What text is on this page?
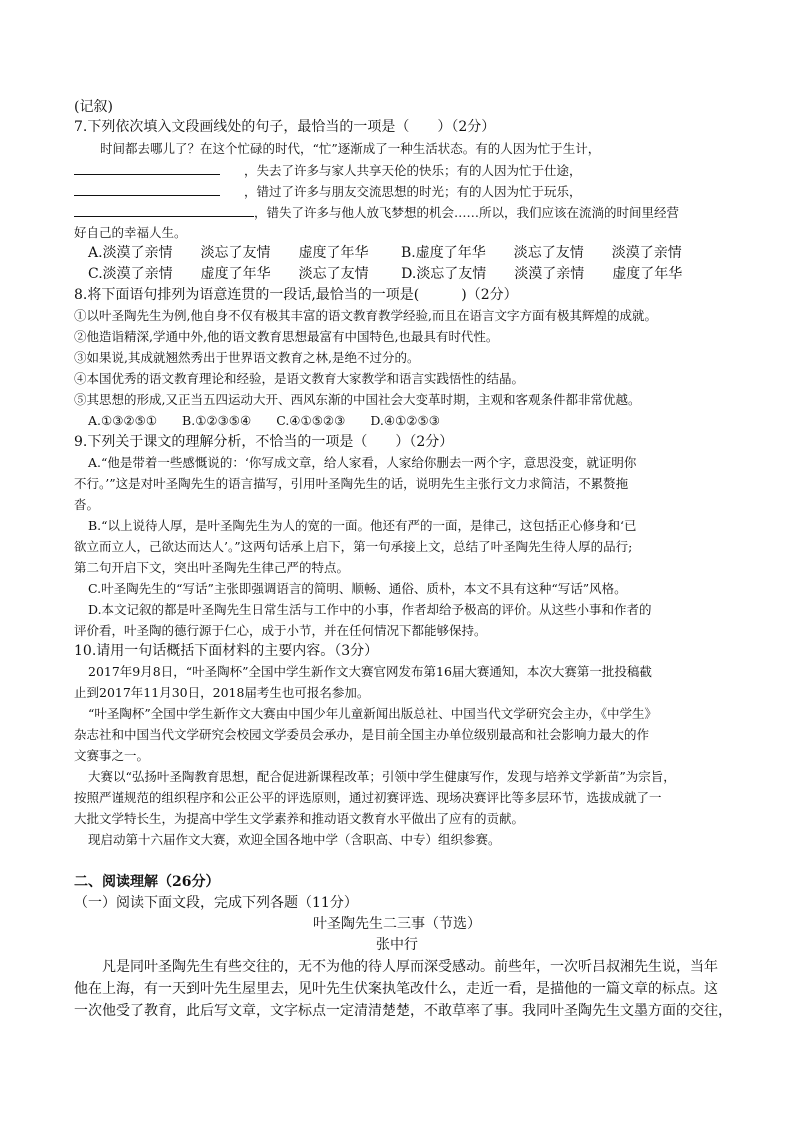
(记叙)
7.下列依次填入文段画线处的句子，最恰当的一项是（　　）（2分）
时间都去哪儿了？在这个忙碌的时代，“忙”逐渐成了一种生活状态。有的人因为忙于生计，
，失去了许多与家人共享天伦的快乐；有的人因为忙于仕途，
，错过了许多与朋友交流思想的时光；有的人因为忙于玩乐，
，错失了许多与他人放飞梦想的机会……所以，我们应该在流淌的时间里经营
好自己的幸福人生。
A.淡漠了亲情 淡忘了友情 虚度了年华 B.虚度了年华 淡忘了友情 淡漠了亲情
C.淡漠了亲情 虚度了年华 淡忘了友情 D.淡忘了友情 淡漠了亲情 虚度了年华
8.将下面语句排列为语意连贯的一段话,最恰当的一项是(　　　)（2分）
①以叶圣陶先生为例,他自身不仅有极其丰富的语文教育教学经验,而且在语言文字方面有极其辉煌的成就。
②他造诣精深,学通中外,他的语文教育思想最富有中国特色,也最具有时代性。
③如果说,其成就翘然秀出于世界语文教育之林,是绝不过分的。
④本国优秀的语文教育理论和经验，是语文教育大家教学和语言实践悟性的结晶。
⑤其思想的形成,又正当五四运动大开、西风东渐的中国社会大变革时期，主观和客观条件都非常优越。
A.①③②⑤①　　B.①②③⑤④　　C.④①⑤②③　　D.④①②⑤③
9.下列关于课文的理解分析，不恰当的一项是（　　）（2分）
A.“他是带着一些感慨说的：‘你写成文章，给人家看，人家给你删去一两个字，意思没变，就证明你
不行。’”这是对叶圣陶先生的语言描写，引用叶圣陶先生的话，说明先生主张行文力求简洁，不累赘拖
沓。
B.“以上说待人厚，是叶圣陶先生为人的宽的一面。他还有严的一面，是律己，这包括正心修身和‘已
欲立而立人，己欲达而达人’。”这两句话承上启下，第一句承接上文，总结了叶圣陶先生待人厚的品行;
第二句开启下文，突出叶圣陶先生律己严的特点。
C.叶圣陶先生的“写话”主张即强调语言的简明、顺畅、通俗、质朴，本文不具有这种“写话”风格。
D.本文记叙的都是叶圣陶先生日常生活与工作中的小事，作者却给予极高的评价。从这些小事和作者的
评价看，叶圣陶的德行源于仁心，成于小节，并在任何情况下都能够保持。
10.请用一句话概括下面材料的主要内容。（3分）
2017年9月8日，“叶圣陶杯”全国中学生新作文大赛官网发布第16届大赛通知，本次大赛第一批投稿截
止到2017年11月30日，2018届考生也可报名参加。
“叶圣陶杯”全国中学生新作文大赛由中国少年儿童新闻出版总社、中国当代文学研究会主办，《中学生》
杂志社和中国当代文学研究会校园文学委员会承办，是目前全国主办单位级别最高和社会影响力最大的作
文赛事之一。
大赛以“弘扬叶圣陶教育思想，配合促进新课程改革；引领中学生健康写作，发现与培养文学新苗”为宗旨，
按照严谨规范的组织程序和公正公平的评选原则，通过初赛评选、现场决赛评比等多层环节，选拔成就了一
大批文学特长生，为提高中学生文学素养和推动语文教育水平做出了应有的贡献。
现启动第十六届作文大赛，欢迎全国各地中学（含职高、中专）组织参赛。
二、阅读理解（26分）
（一）阅读下面文段，完成下列各题（11分）
叶圣陶先生二三事（节选）
张中行
凡是同叶圣陶先生有些交往的，无不为他的待人厚而深受感动。前些年，一次听吕叔湘先生说，当年
他在上海，有一天到叶先生屋里去，见叶先生伏案执笔改什么，走近一看，是描他的一篇文章的标点。这
一次他受了教育，此后写文章，文字标点一定清清楚楚，不敢草率了事。我同叶圣陶先生文墨方面的交往，
